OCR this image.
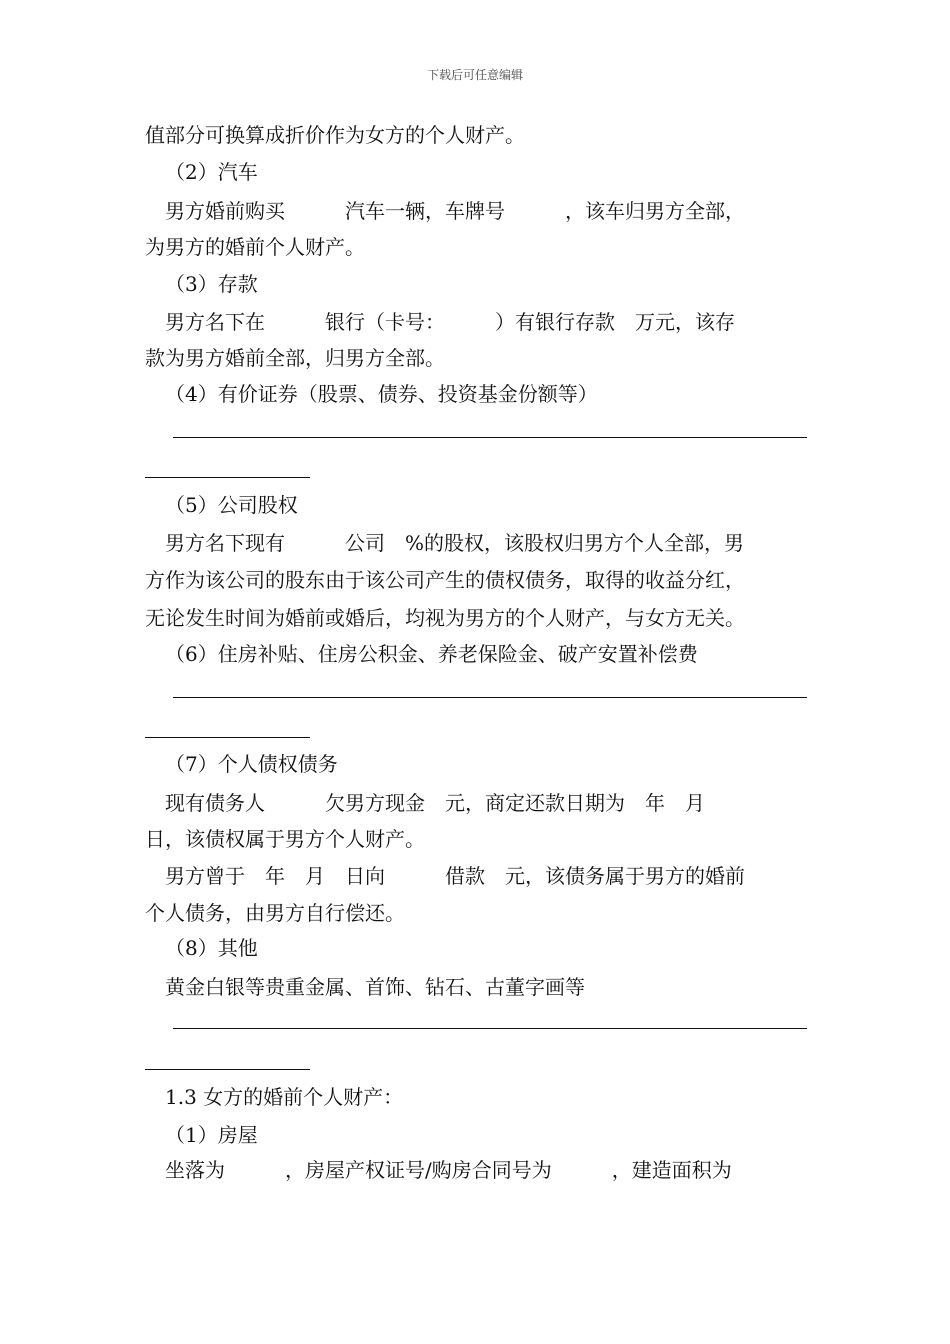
下载后可任意编辑

值部分可换算成折价作为女方的个人财产。

（2）汽车

男方婚前购买　　　汽车一辆，车牌号　　　，该车归男方全部，

为男方的婚前个人财产。

（3）存款

男方名下在　　　银行（卡号：　　　）有银行存款　万元，该存

款为男方婚前全部，归男方全部。

（4）有价证券（股票、债券、投资基金份额等）

（5）公司股权

男方名下现有　　　公司　%的股权，该股权归男方个人全部，男

方作为该公司的股东由于该公司产生的债权债务，取得的收益分红，

无论发生时间为婚前或婚后，均视为男方的个人财产，与女方无关。

（6）住房补贴、住房公积金、养老保险金、破产安置补偿费

（7）个人债权债务

现有债务人　　　欠男方现金　元，商定还款日期为　年　月

日，该债权属于男方个人财产。

男方曾于　年　月　日向　　　借款　元，该债务属于男方的婚前

个人债务，由男方自行偿还。

（8）其他

黄金白银等贵重金属、首饰、钻石、古董字画等

1.3 女方的婚前个人财产：

（1）房屋

坐落为　　　，房屋产权证号/购房合同号为　　　，建造面积为
